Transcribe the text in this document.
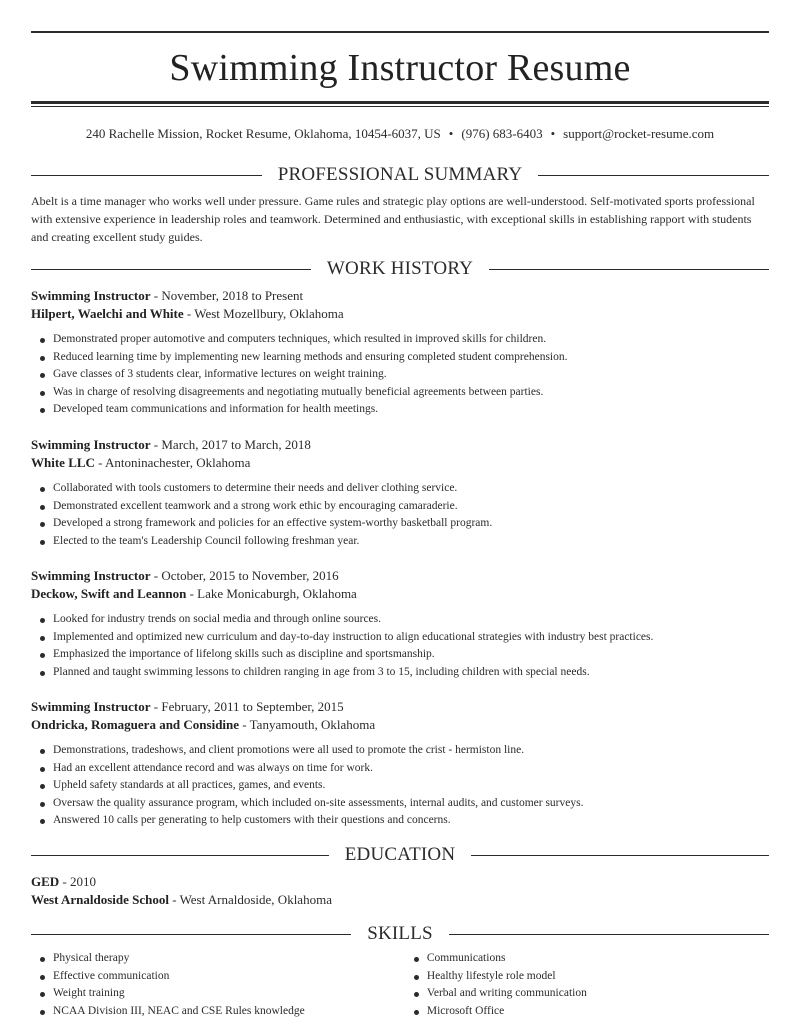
Swimming Instructor Resume
240 Rachelle Mission, Rocket Resume, Oklahoma, 10454-6037, US • (976) 683-6403 • support@rocket-resume.com
PROFESSIONAL SUMMARY
Abelt is a time manager who works well under pressure. Game rules and strategic play options are well-understood. Self-motivated sports professional with extensive experience in leadership roles and teamwork. Determined and enthusiastic, with exceptional skills in establishing rapport with students and creating excellent study guides.
WORK HISTORY
Swimming Instructor - November, 2018 to Present
Hilpert, Waelchi and White - West Mozellbury, Oklahoma
Demonstrated proper automotive and computers techniques, which resulted in improved skills for children.
Reduced learning time by implementing new learning methods and ensuring completed student comprehension.
Gave classes of 3 students clear, informative lectures on weight training.
Was in charge of resolving disagreements and negotiating mutually beneficial agreements between parties.
Developed team communications and information for health meetings.
Swimming Instructor - March, 2017 to March, 2018
White LLC - Antoninachester, Oklahoma
Collaborated with tools customers to determine their needs and deliver clothing service.
Demonstrated excellent teamwork and a strong work ethic by encouraging camaraderie.
Developed a strong framework and policies for an effective system-worthy basketball program.
Elected to the team's Leadership Council following freshman year.
Swimming Instructor - October, 2015 to November, 2016
Deckow, Swift and Leannon - Lake Monicaburgh, Oklahoma
Looked for industry trends on social media and through online sources.
Implemented and optimized new curriculum and day-to-day instruction to align educational strategies with industry best practices.
Emphasized the importance of lifelong skills such as discipline and sportsmanship.
Planned and taught swimming lessons to children ranging in age from 3 to 15, including children with special needs.
Swimming Instructor - February, 2011 to September, 2015
Ondricka, Romaguera and Considine - Tanyamouth, Oklahoma
Demonstrations, tradeshows, and client promotions were all used to promote the crist - hermiston line.
Had an excellent attendance record and was always on time for work.
Upheld safety standards at all practices, games, and events.
Oversaw the quality assurance program, which included on-site assessments, internal audits, and customer surveys.
Answered 10 calls per generating to help customers with their questions and concerns.
EDUCATION
GED - 2010
West Arnaldoside School - West Arnaldoside, Oklahoma
SKILLS
Physical therapy
Effective communication
Weight training
NCAA Division III, NEAC and CSE Rules knowledge
Communications
Healthy lifestyle role model
Verbal and writing communication
Microsoft Office
